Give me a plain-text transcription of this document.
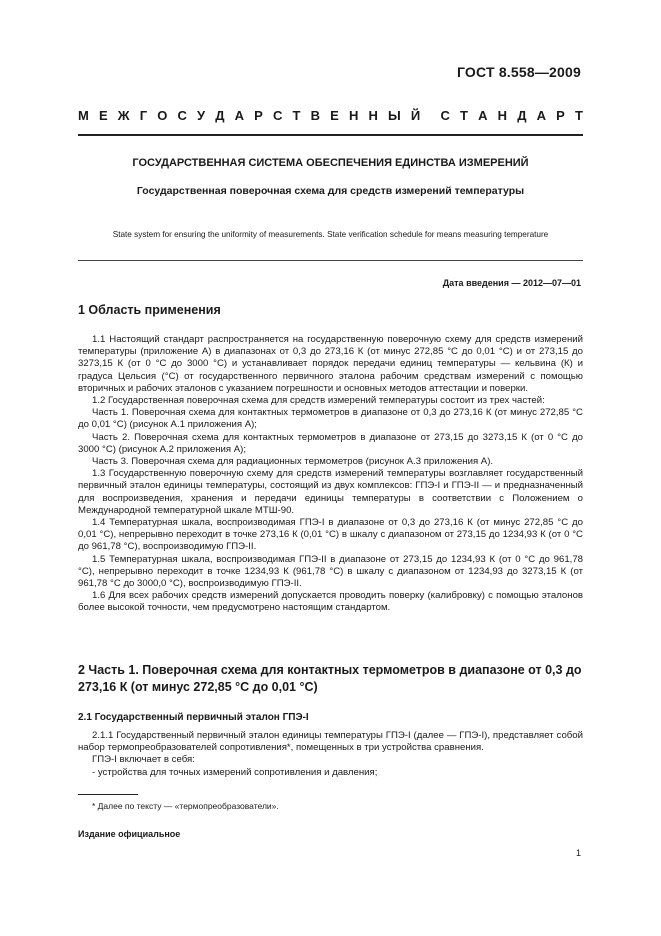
ГОСТ 8.558—2009
М Е Ж Г О С У Д А Р С Т В Е Н Н Ы Й С Т А Н Д А Р Т
ГОСУДАРСТВЕННАЯ СИСТЕМА ОБЕСПЕЧЕНИЯ ЕДИНСТВА ИЗМЕРЕНИЙ
Государственная поверочная схема для средств измерений температуры
State system for ensuring the uniformity of measurements. State verification schedule for means measuring temperature
Дата введения — 2012—07—01
1 Область применения

1.1 Настоящий стандарт распространяется на государственную поверочную схему для средств измерений температуры (приложение А) в диапазонах от 0,3 до 273,16 К (от минус 272,85 °С до 0,01 °С) и от 273,15 до 3273,15 К (от 0 °С до 3000 °С) и устанавливает порядок передачи единиц температуры — кельвина (К) и градуса Цельсия (°С) от государственного первичного эталона рабочим средствам измерений с помощью вторичных и рабочих эталонов с указанием погрешности и основных методов аттестации и поверки.

1.2 Государственная поверочная схема для средств измерений температуры состоит из трех частей:

Часть 1. Поверочная схема для контактных термометров в диапазоне от 0,3 до 273,16 К (от минус 272,85 °С до 0,01 °С) (рисунок А.1 приложения А);

Часть 2. Поверочная схема для контактных термометров в диапазоне от 273,15 до 3273,15 К (от 0 °С до 3000 °С) (рисунок А.2 приложения А);

Часть 3. Поверочная схема для радиационных термометров (рисунок А.3 приложения А).

1.3 Государственную поверочную схему для средств измерений температуры возглавляет государственный первичный эталон единицы температуры, состоящий из двух комплексов: ГПЭ-I и ГПЭ-II — и предназначенный для воспроизведения, хранения и передачи единицы температуры в соответствии с Положением о Международной температурной шкале МТШ-90.

1.4 Температурная шкала, воспроизводимая ГПЭ-I в диапазоне от 0,3 до 273,16 К (от минус 272,85 °С до 0,01 °С), непрерывно переходит в точке 273,16 К (0,01 °С) в шкалу с диапазоном от 273,15 до 1234,93 К (от 0 °С до 961,78 °С), воспроизводимую ГПЭ-II.

1.5 Температурная шкала, воспроизводимая ГПЭ-II в диапазоне от 273,15 до 1234,93 К (от 0 °С до 961,78 °С), непрерывно переходит в точке 1234,93 К (961,78 °С) в шкалу с диапазоном от 1234,93 до 3273,15 К (от 961,78 °С до 3000,0 °С), воспроизводимую ГПЭ-II.

1.6 Для всех рабочих средств измерений допускается проводить поверку (калибровку) с помощью эталонов более высокой точности, чем предусмотрено настоящим стандартом.

2 Часть 1. Поверочная схема для контактных термометров в диапазоне от 0,3 до 273,16 К (от минус 272,85 °С до 0,01 °С)
2.1 Государственный первичный эталон ГПЭ-I

2.1.1 Государственный первичный эталон единицы температуры ГПЭ-I (далее — ГПЭ-I), представляет собой набор термопреобразователей сопротивления*, помещенных в три устройства сравнения.

ГПЭ-I включает в себя:

- устройства для точных измерений сопротивления и давления;

* Далее по тексту — «термопреобразователи».
Издание официальное
1
